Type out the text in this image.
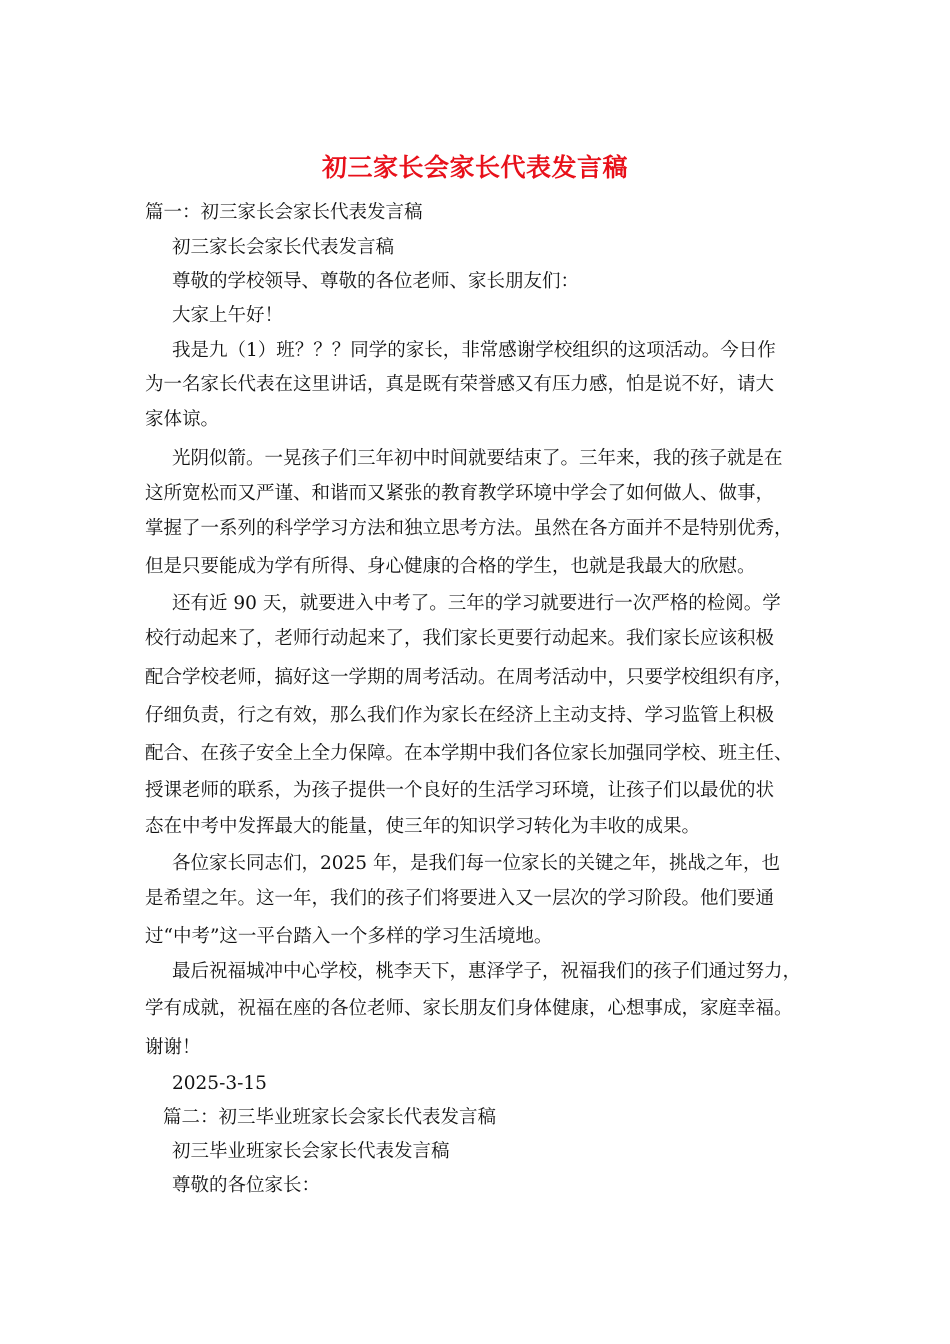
初三家长会家长代表发言稿
篇一：初三家长会家长代表发言稿
初三家长会家长代表发言稿
尊敬的学校领导、尊敬的各位老师、家长朋友们：
大家上午好！
我是九（1）班？？？同学的家长，非常感谢学校组织的这项活动。今日作
为一名家长代表在这里讲话，真是既有荣誉感又有压力感，怕是说不好，请大
家体谅。
光阴似箭。一晃孩子们三年初中时间就要结束了。三年来，我的孩子就是在
这所宽松而又严谨、和谐而又紧张的教育教学环境中学会了如何做人、做事，
掌握了一系列的科学学习方法和独立思考方法。虽然在各方面并不是特别优秀，
但是只要能成为学有所得、身心健康的合格的学生，也就是我最大的欣慰。
还有近 90 天，就要进入中考了。三年的学习就要进行一次严格的检阅。学
校行动起来了，老师行动起来了，我们家长更要行动起来。我们家长应该积极
配合学校老师，搞好这一学期的周考活动。在周考活动中，只要学校组织有序，
仔细负责，行之有效，那么我们作为家长在经济上主动支持、学习监管上积极
配合、在孩子安全上全力保障。在本学期中我们各位家长加强同学校、班主任、
授课老师的联系，为孩子提供一个良好的生活学习环境，让孩子们以最优的状
态在中考中发挥最大的能量，使三年的知识学习转化为丰收的成果。
各位家长同志们，2025 年，是我们每一位家长的关键之年，挑战之年，也
是希望之年。这一年，我们的孩子们将要进入又一层次的学习阶段。他们要通
过“中考”这一平台踏入一个多样的学习生活境地。
最后祝福城冲中心学校，桃李天下，惠泽学子，祝福我们的孩子们通过努力，
学有成就，祝福在座的各位老师、家长朋友们身体健康，心想事成，家庭幸福。
谢谢！
2025-3-15
篇二：初三毕业班家长会家长代表发言稿
初三毕业班家长会家长代表发言稿
尊敬的各位家长：
